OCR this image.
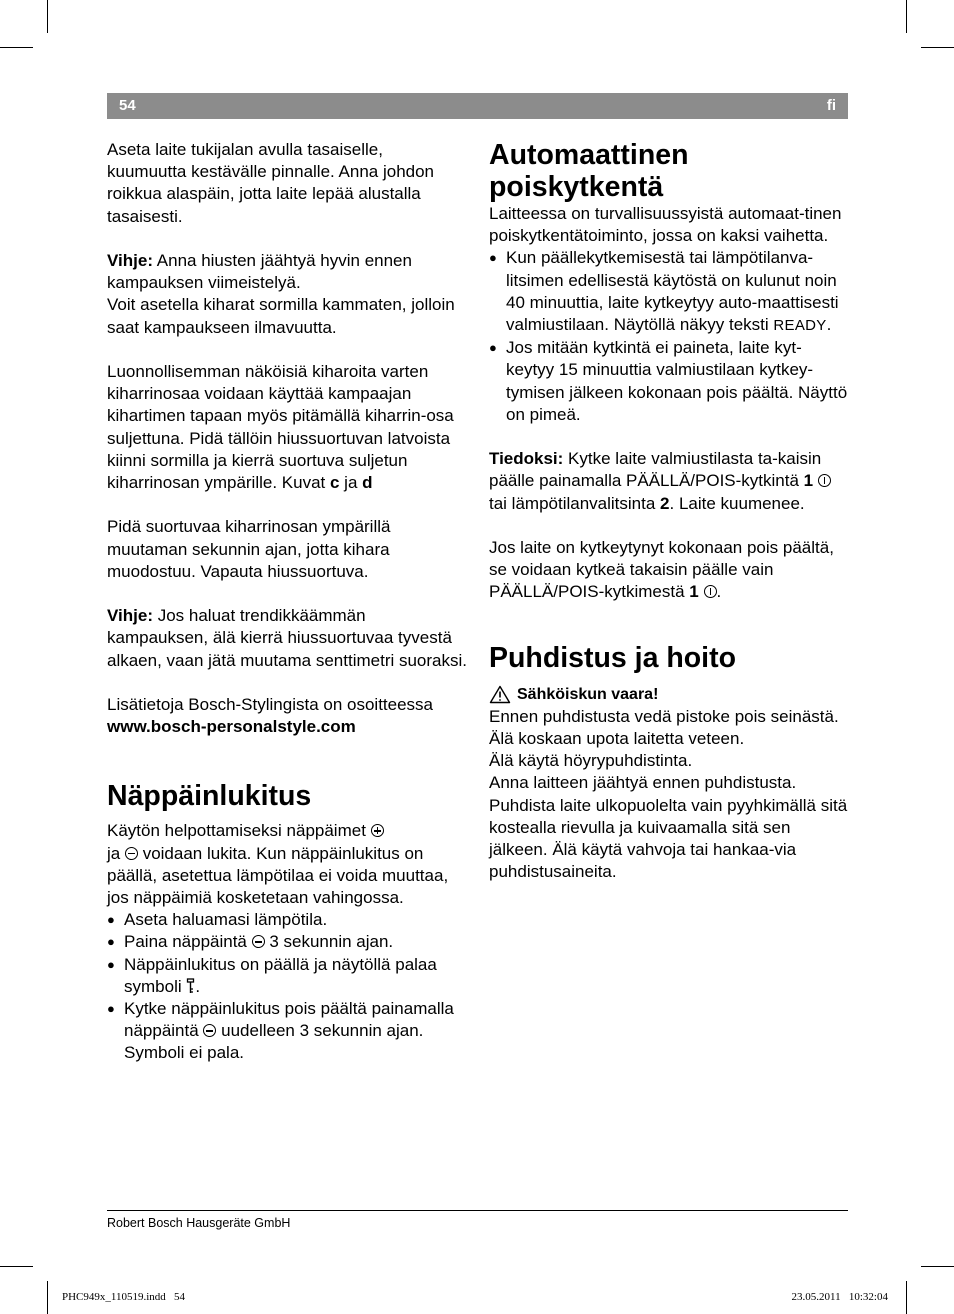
54	fi

Aseta laite tukijalan avulla tasaiselle, kuumuutta kestävälle pinnalle. Anna johdon roikkua alaspäin, jotta laite lepää alustalla tasaisesti.

Vihje: Anna hiusten jäähtyä hyvin ennen kampauksen viimeistelyä.

Voit asetella kiharat sormilla kammaten, jolloin saat kampaukseen ilmavuutta.

Luonnollisemman näköisiä kiharoita varten kiharrinosaa voidaan käyttää kampaajan kihartimen tapaan myös pitämällä kiharrin-osa suljettuna. Pidä tällöin hiussuortuvan latvoista kiinni sormilla ja kierrä suortuva suljetun kiharrinosan ympärille. Kuvat c ja d

Pidä suortuvaa kiharrinosan ympärillä muutaman sekunnin ajan, jotta kihara muodostuu. Vapauta hiussuortuva.

Vihje: Jos haluat trendikkäämmän kampauksen, älä kierrä hiussuortuvaa tyvestä alkaen, vaan jätä muutama senttimetri suoraksi.

Lisätietoja Bosch-Stylingista on osoitteessa

www.bosch-personalstyle.com

Näppäinlukitus

Käytön helpottamiseksi näppäimet
ja  voidaan lukita. Kun näppäinlukitus on päällä, asetettua lämpötilaa ei voida muuttaa, jos näppäimiä kosketetaan vahingossa.

● Aseta haluamasi lämpötila.
● Paina näppäintä  3 sekunnin ajan.
● Näppäinlukitus on päällä ja näytöllä palaa symboli .
● Kytke näppäinlukitus pois päältä painamalla näppäintä  uudelleen 3 sekunnin ajan. Symboli ei pala.
Automaattinen poiskytkentä

Laitteessa on turvallisuussyistä automaat-tinen poiskytkentätoiminto, jossa on kaksi vaihetta.

● Kun päällekytkemisestä tai lämpötilanva-litsimen edellisestä käytöstä on kulunut noin 40 minuuttia, laite kytkeytyy auto-maattisesti valmiustilaan. Näytöllä näkyy teksti READY.
● Jos mitään kytkintä ei paineta, laite kyt-keytyy 15 minuuttia valmiustilaan kytkey-tymisen jälkeen kokonaan pois päältä. Näyttö on pimeä.

Tiedoksi: Kytke laite valmiustilasta ta-kaisin päälle painamalla PÄÄLLÄ/POIS-kytkintä 1  tai lämpötilanvalitsinta 2. Laite kuumenee.

Jos laite on kytkeytynyt kokonaan pois päältä, se voidaan kytkeä takaisin päälle vain PÄÄLLÄ/POIS-kytkimestä 1 .

Puhdistus ja hoito
Sähköiskun vaara!

Ennen puhdistusta vedä pistoke pois seinästä.

Älä koskaan upota laitetta veteen.

Älä käytä höyrypuhdistinta.

Anna laitteen jäähtyä ennen puhdistusta.

Puhdista laite ulkopuolelta vain pyyhkimällä sitä kostealla rievulla ja kuivaamalla sitä sen jälkeen. Älä käytä vahvoja tai hankaa-via puhdistusaineita.

Robert Bosch Hausgeräte GmbH
PHC949x_110519.indd   54	23.05.2011   10:32:04
